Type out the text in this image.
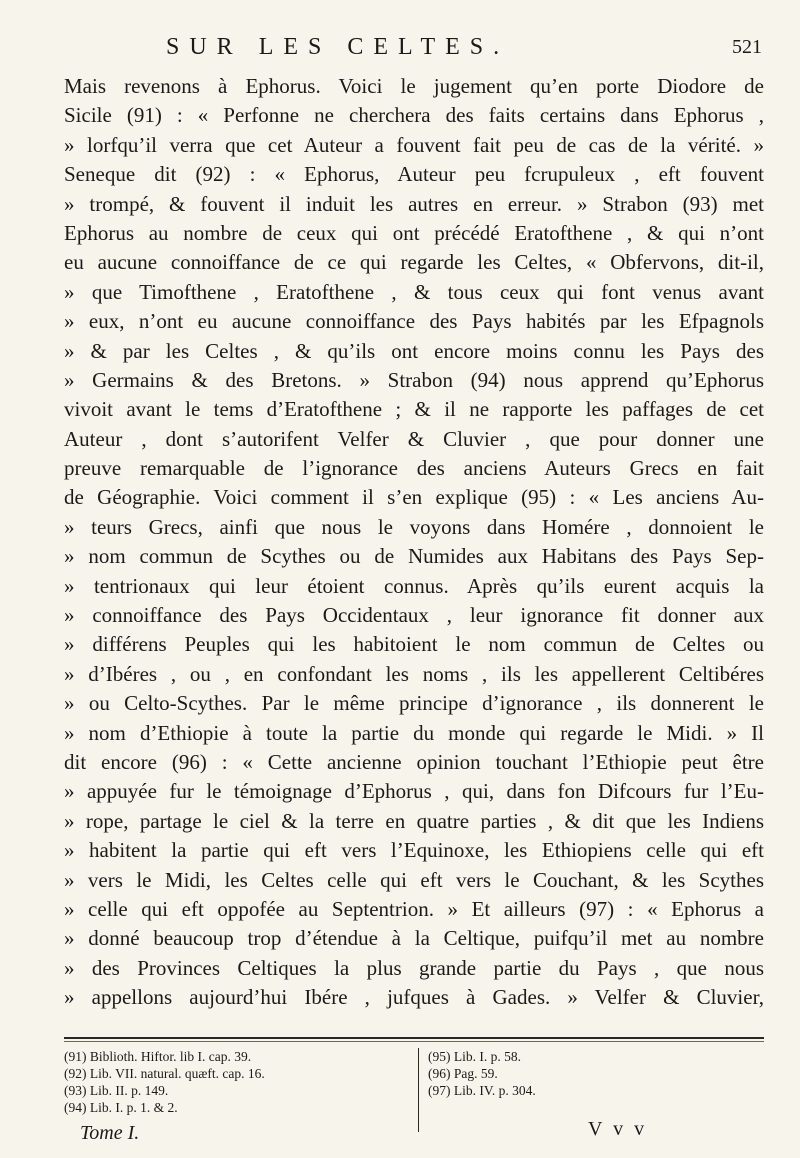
SUR LES CELTES.	521
Mais revenons à Ephorus. Voici le jugement qu’en porte Diodore de
Sicile (91) : « Perfonne ne cherchera des faits certains dans Ephorus ,
» lorfqu’il verra que cet Auteur a fouvent fait peu de cas de la vérité. »
Seneque dit (92) : « Ephorus, Auteur peu fcrupuleux , eft fouvent
» trompé, & fouvent il induit les autres en erreur. » Strabon (93) met
Ephorus au nombre de ceux qui ont précédé Eratofthene , & qui n’ont
eu aucune connoiffance de ce qui regarde les Celtes, « Obfervons, dit-il,
» que Timofthene , Eratofthene , & tous ceux qui font venus avant
» eux, n’ont eu aucune connoiffance des Pays habités par les Efpagnols
» & par les Celtes , & qu’ils ont encore moins connu les Pays des
» Germains & des Bretons. » Strabon (94) nous apprend qu’Ephorus
vivoit avant le tems d’Eratofthene ; & il ne rapporte les paffages de cet
Auteur , dont s’autorifent Velfer & Cluvier , que pour donner une
preuve remarquable de l’ignorance des anciens Auteurs Grecs en fait
de Géographie. Voici comment il s’en explique (95) : « Les anciens Au-
» teurs Grecs, ainfi que nous le voyons dans Homére , donnoient le
» nom commun de Scythes ou de Numides aux Habitans des Pays Sep-
» tentrionaux qui leur étoient connus. Après qu’ils eurent acquis la
» connoiffance des Pays Occidentaux , leur ignorance fit donner aux
» différens Peuples qui les habitoient le nom commun de Celtes ou
» d’Ibéres , ou , en confondant les noms , ils les appellerent Celtibéres
» ou Celto-Scythes. Par le même principe d’ignorance , ils donnerent le
» nom d’Ethiopie à toute la partie du monde qui regarde le Midi. » Il
dit encore (96) : « Cette ancienne opinion touchant l’Ethiopie peut être
» appuyée fur le témoignage d’Ephorus , qui, dans fon Difcours fur l’Eu-
» rope, partage le ciel & la terre en quatre parties , & dit que les Indiens
» habitent la partie qui eft vers l’Equinoxe, les Ethiopiens celle qui eft
» vers le Midi, les Celtes celle qui eft vers le Couchant, & les Scythes
» celle qui eft oppofée au Septentrion. » Et ailleurs (97) : « Ephorus a
» donné beaucoup trop d’étendue à la Celtique, puifqu’il met au nombre
» des Provinces Celtiques la plus grande partie du Pays , que nous
» appellons aujourd’hui Ibére , jufques à Gades. » Velfer & Cluvier,
(91) Biblioth. Hiftor. lib I. cap. 39.
(92) Lib. VII. natural. quæft. cap. 16.
(93) Lib. II. p. 149.
(94) Lib. I. p. 1. & 2.
(95) Lib. I. p. 58.
(96) Pag. 59.
(97) Lib. IV. p. 304.
Tome I.	V v v
